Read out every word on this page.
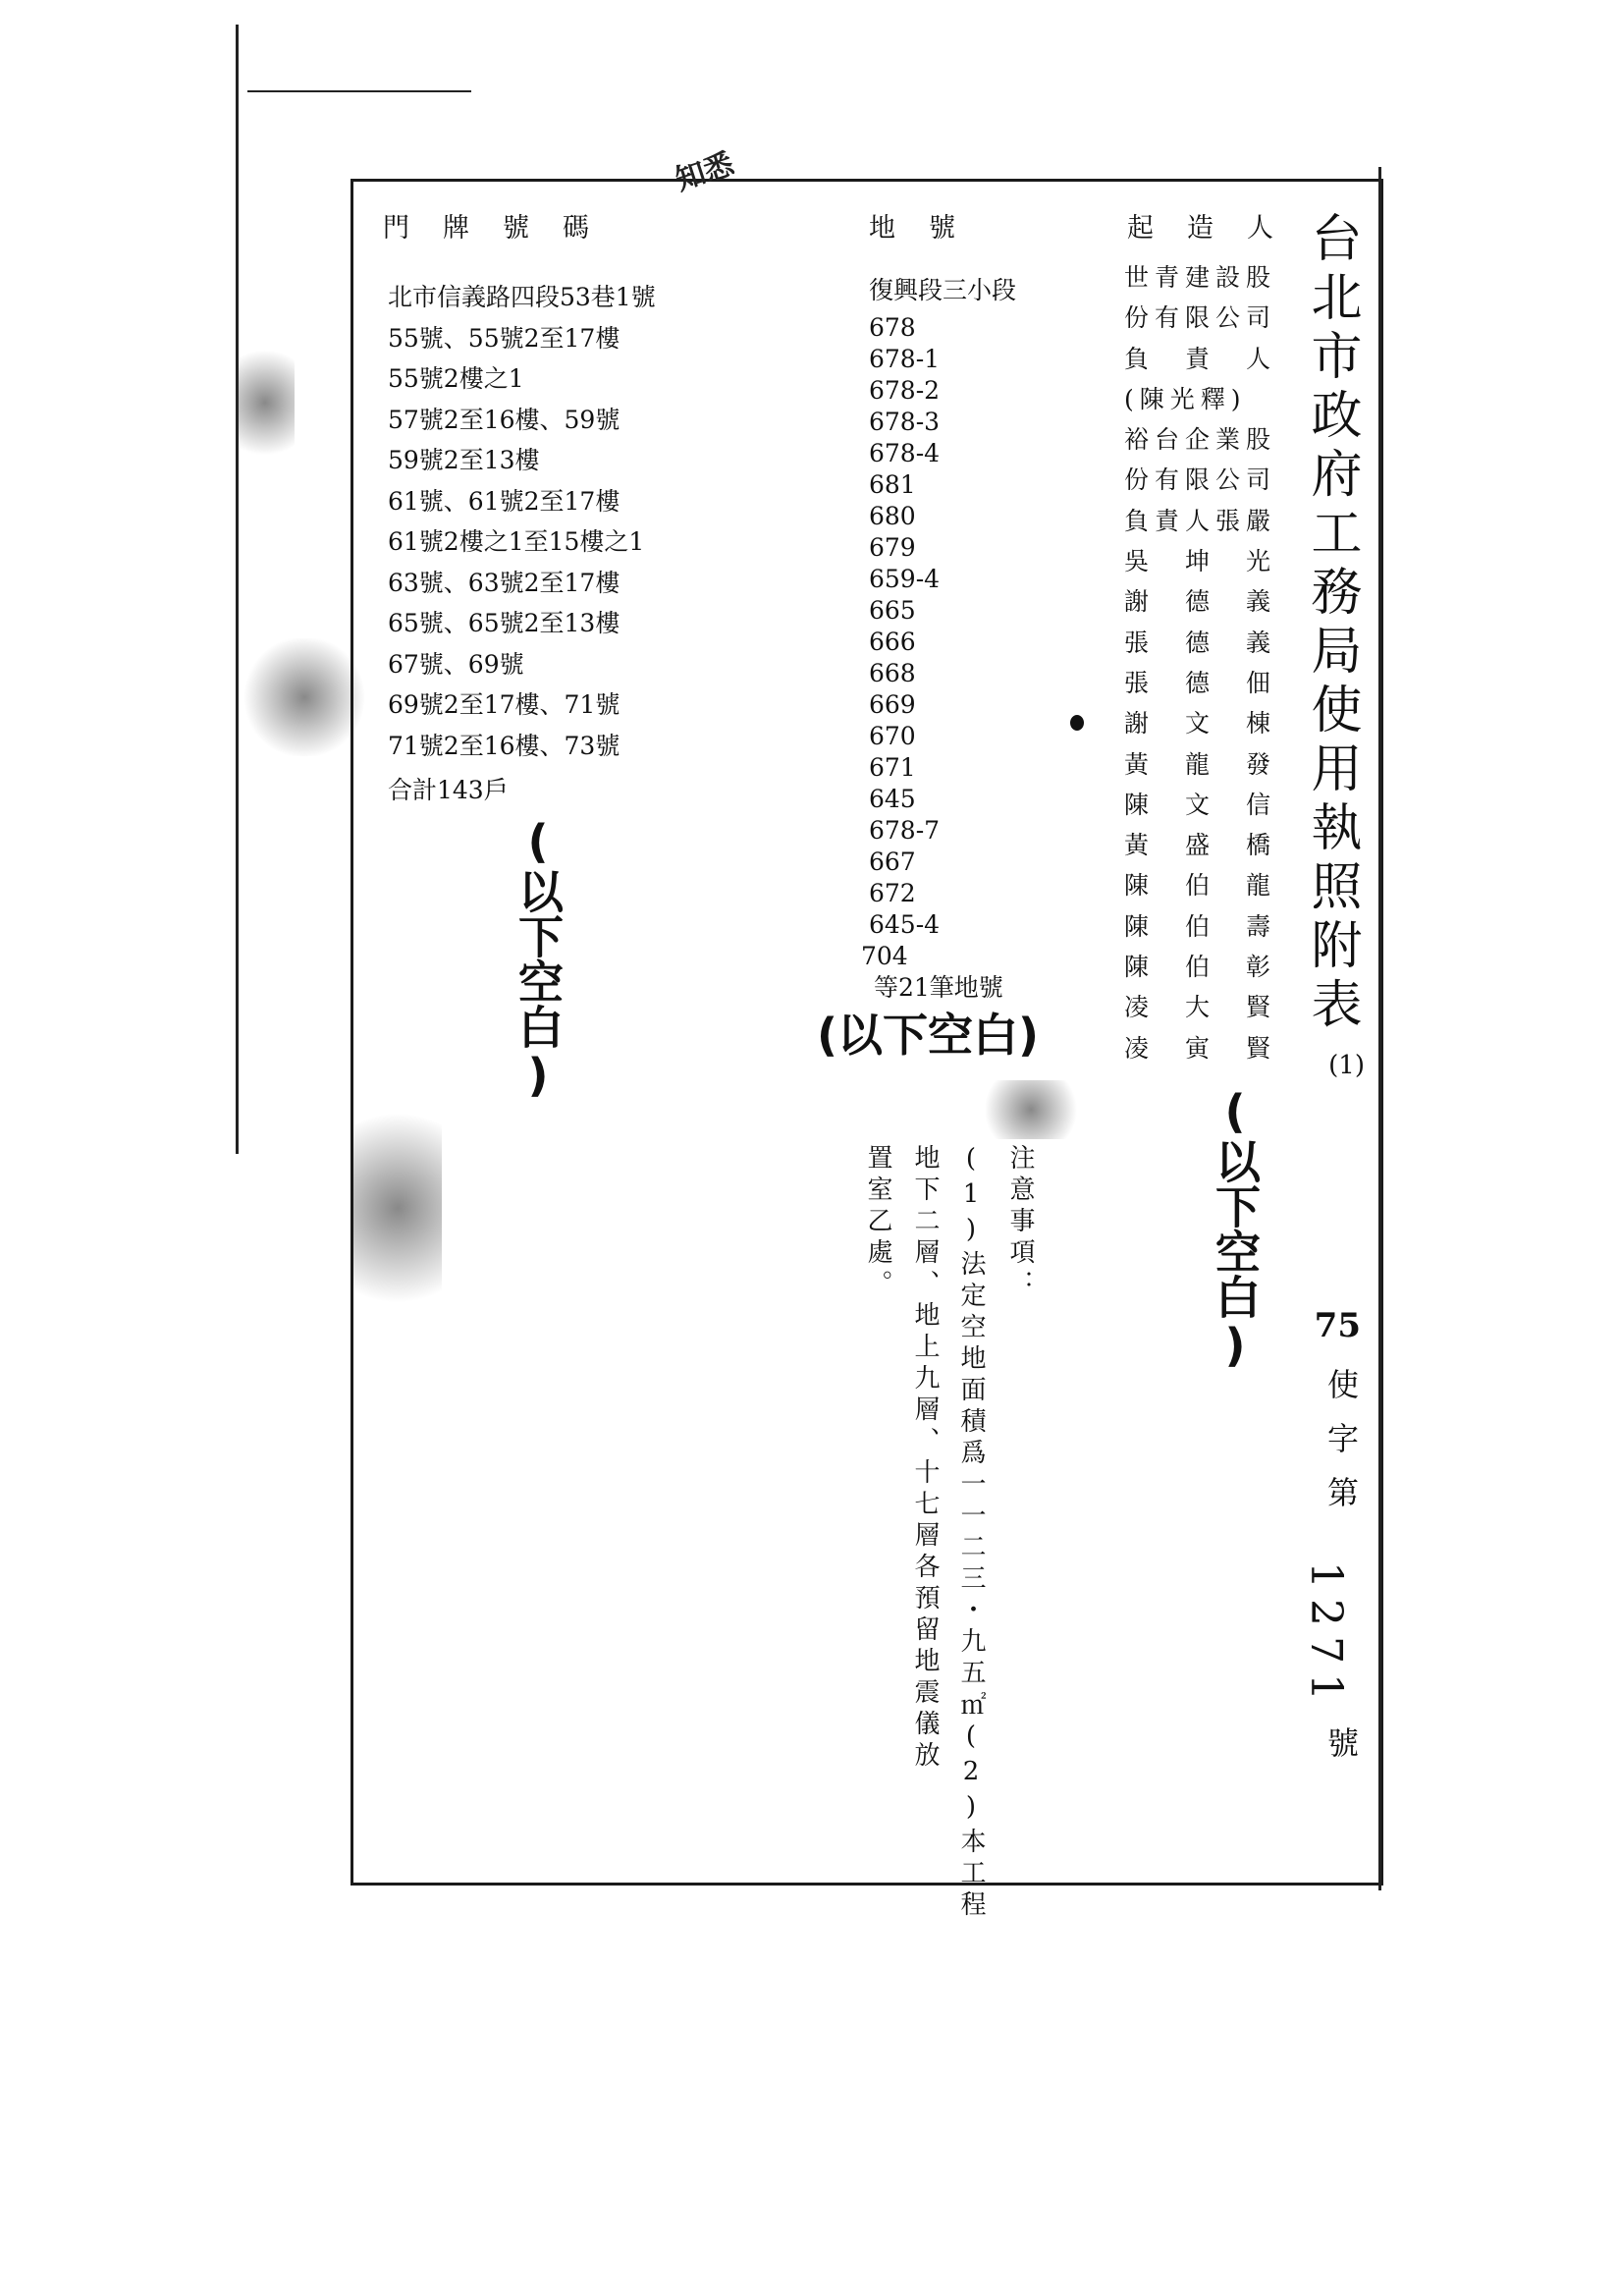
知悉
門牌號碼	地號	起造人
北市信義路四段53巷1號
55號、55號2至17樓
55號2樓之1
57號2至16樓、59號
59號2至13樓
61號、61號2至17樓
61號2樓之1至15樓之1
63號、63號2至17樓
65號、65號2至13樓
67號、69號
69號2至17樓、71號
71號2至16樓、73號
合計143戶
(以下空白)
復興段三小段
678
678-1
678-2
678-3
678-4
681
680
679
659-4
665
666
668
669
670
671
645
678-7
667
672
645-4
704
等21筆地號
(以下空白)
世青建設股
份有限公司
負　責　人
(陳光釋)
裕台企業股
份有限公司
負責人張嚴
吳　坤　光
謝　德　義
張　德　義
張　德　佃
謝　文　棟
黃　龍　發
陳　文　信
黃　盛　橋
陳　伯　龍
陳　伯　壽
陳　伯　彰
凌　大　賢
凌　寅　賢
(以下空白)
注意事項：
(1)法定空地面積爲一一二三・九五㎡(2)本工程
地下二層、地上九層、十七層各預留地震儀放
置室乙處。
台北市政府工務局使用執照附表
(1)
75
使
字
第
1271
號
